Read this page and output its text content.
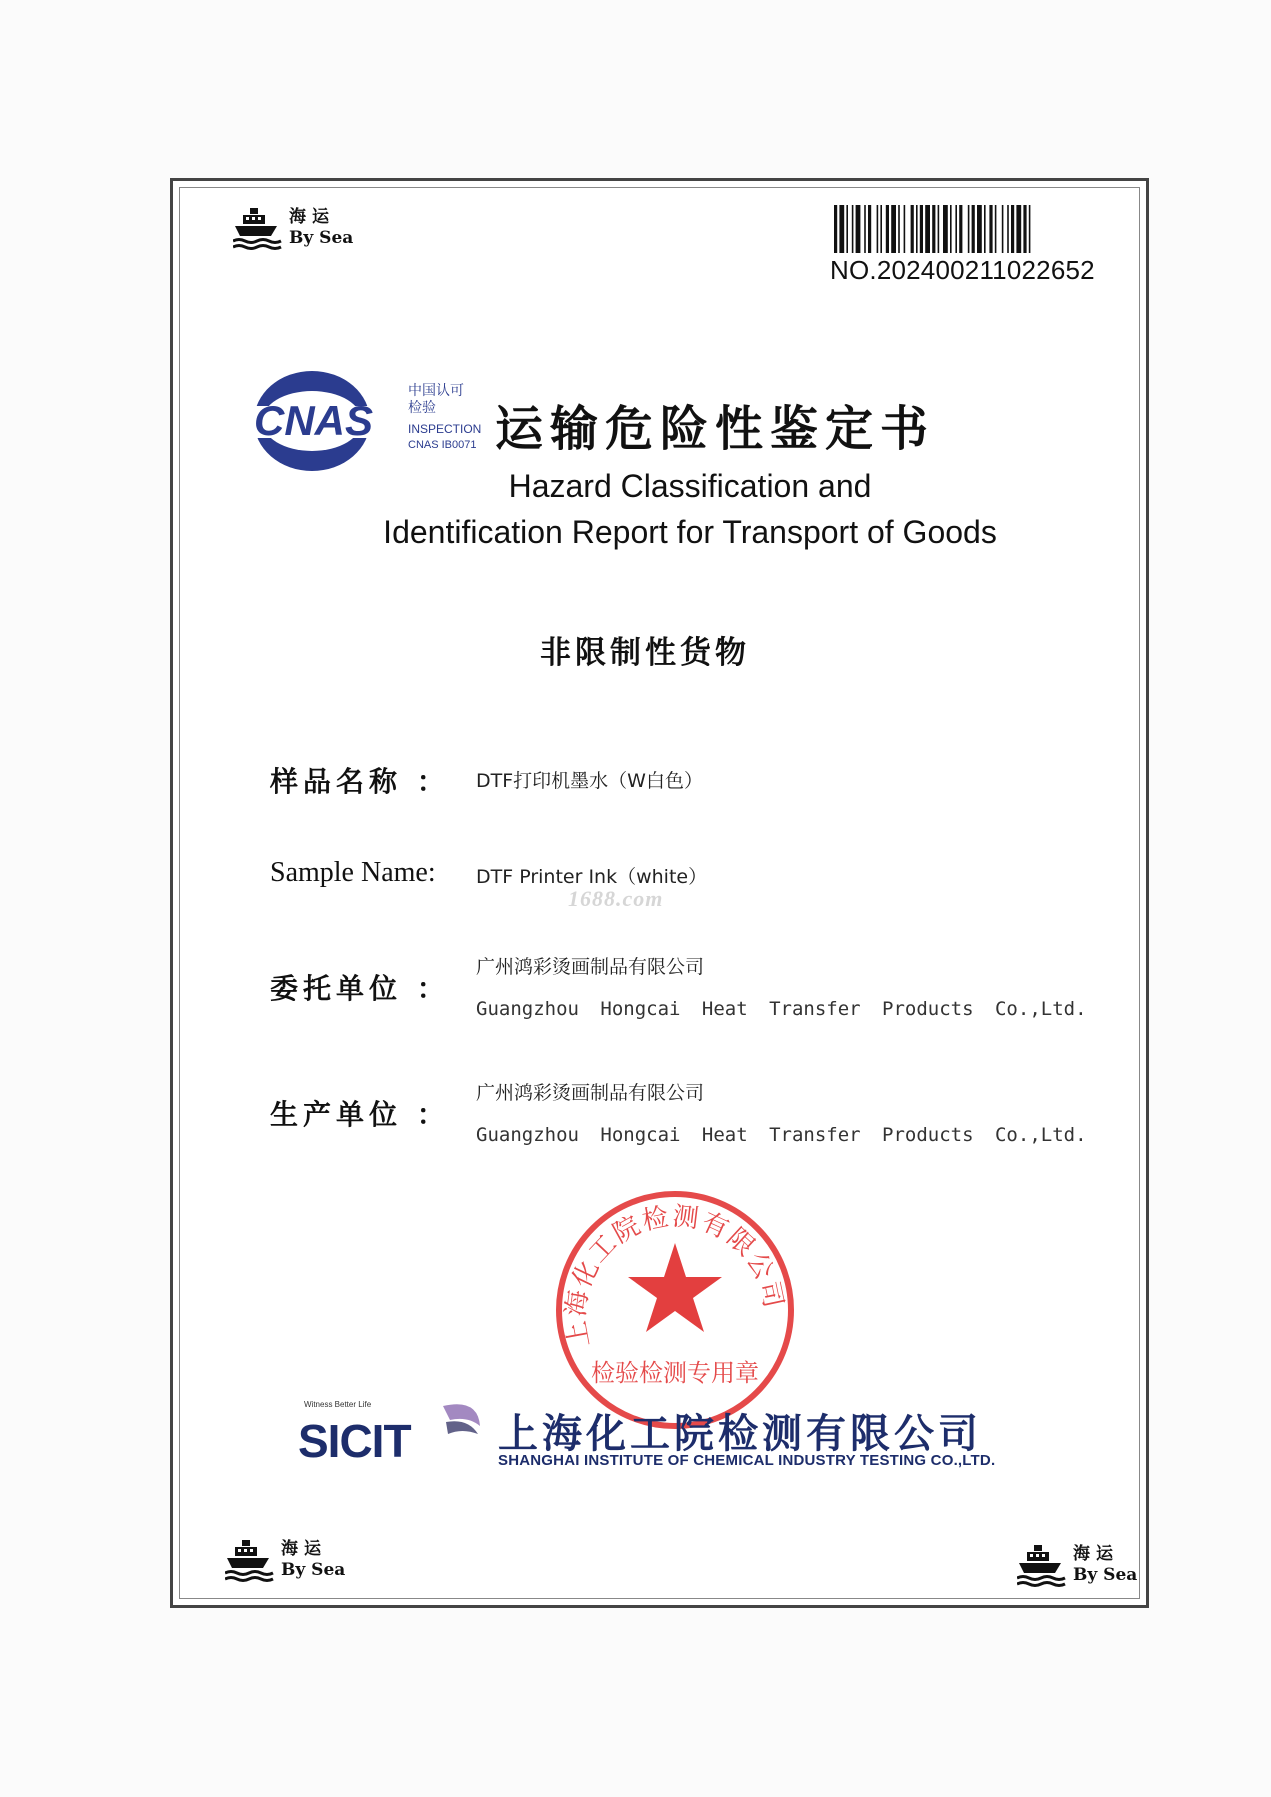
海运
By Sea
NO.202400211022652
CNAS
中国认可
检验
INSPECTION
CNAS IB0071 运输危险性鉴定书
Hazard Classification and
Identification Report for Transport of Goods
非限制性货物
样品名称 ： DTF打印机墨水（W白色）
Sample Name: DTF Printer Ink（white）
1688.com
委托单位 ：
广州鸿彩烫画制品有限公司
Guangzhou Hongcai Heat Transfer Products Co.,Ltd.
生产单位 ：
广州鸿彩烫画制品有限公司
Guangzhou Hongcai Heat Transfer Products Co.,Ltd.
上海化工院检测有限公司
检验检测专用章
Witness Better Life
SICIT 上海化工院检测有限公司
SHANGHAI INSTITUTE OF CHEMICAL INDUSTRY TESTING CO.,LTD.
海运
By Sea
海运
By Sea
